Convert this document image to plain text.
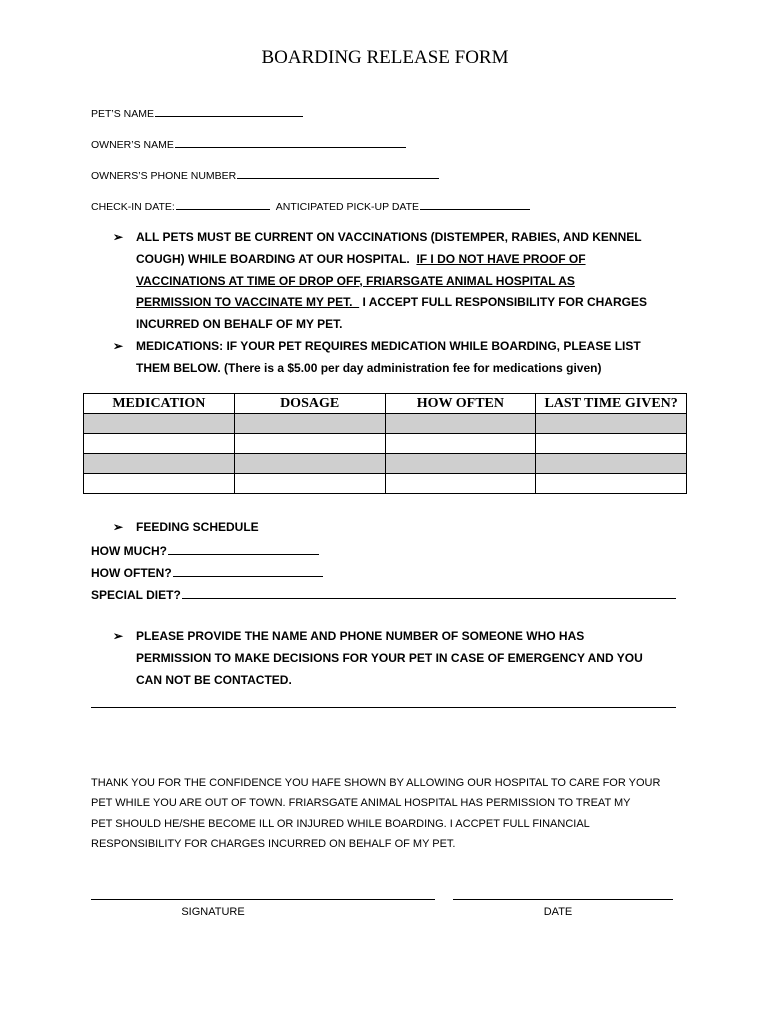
BOARDING RELEASE FORM
PET’S NAME
OWNER’S NAME
OWNERS’S PHONE NUMBER
CHECK-IN DATE:	ANTICIPATED PICK-UP DATE
➢ ALL PETS MUST BE CURRENT ON VACCINATIONS (DISTEMPER, RABIES, AND KENNEL
COUGH) WHILE BOARDING AT OUR HOSPITAL.  IF I DO NOT HAVE PROOF OF
VACCINATIONS AT TIME OF DROP OFF, FRIARSGATE ANIMAL HOSPITAL AS
PERMISSION TO VACCINATE MY PET.   I ACCEPT FULL RESPONSIBILITY FOR CHARGES
INCURRED ON BEHALF OF MY PET.
➢ MEDICATIONS: IF YOUR PET REQUIRES MEDICATION WHILE BOARDING, PLEASE LIST
THEM BELOW. (There is a $5.00 per day administration fee for medications given)
MEDICATION	DOSAGE	HOW OFTEN	LAST TIME GIVEN?

➢ FEEDING SCHEDULE
HOW MUCH?
HOW OFTEN?
SPECIAL DIET?
➢ PLEASE PROVIDE THE NAME AND PHONE NUMBER OF SOMEONE WHO HAS
PERMISSION TO MAKE DECISIONS FOR YOUR PET IN CASE OF EMERGENCY AND YOU
CAN NOT BE CONTACTED.
THANK YOU FOR THE CONFIDENCE YOU HAFE SHOWN BY ALLOWING OUR HOSPITAL TO CARE FOR YOUR
PET WHILE YOU ARE OUT OF TOWN. FRIARSGATE ANIMAL HOSPITAL HAS PERMISSION TO TREAT MY
PET SHOULD HE/SHE BECOME ILL OR INJURED WHILE BOARDING. I ACCPET FULL FINANCIAL
RESPONSIBILITY FOR CHARGES INCURRED ON BEHALF OF MY PET.
SIGNATURE	DATE
